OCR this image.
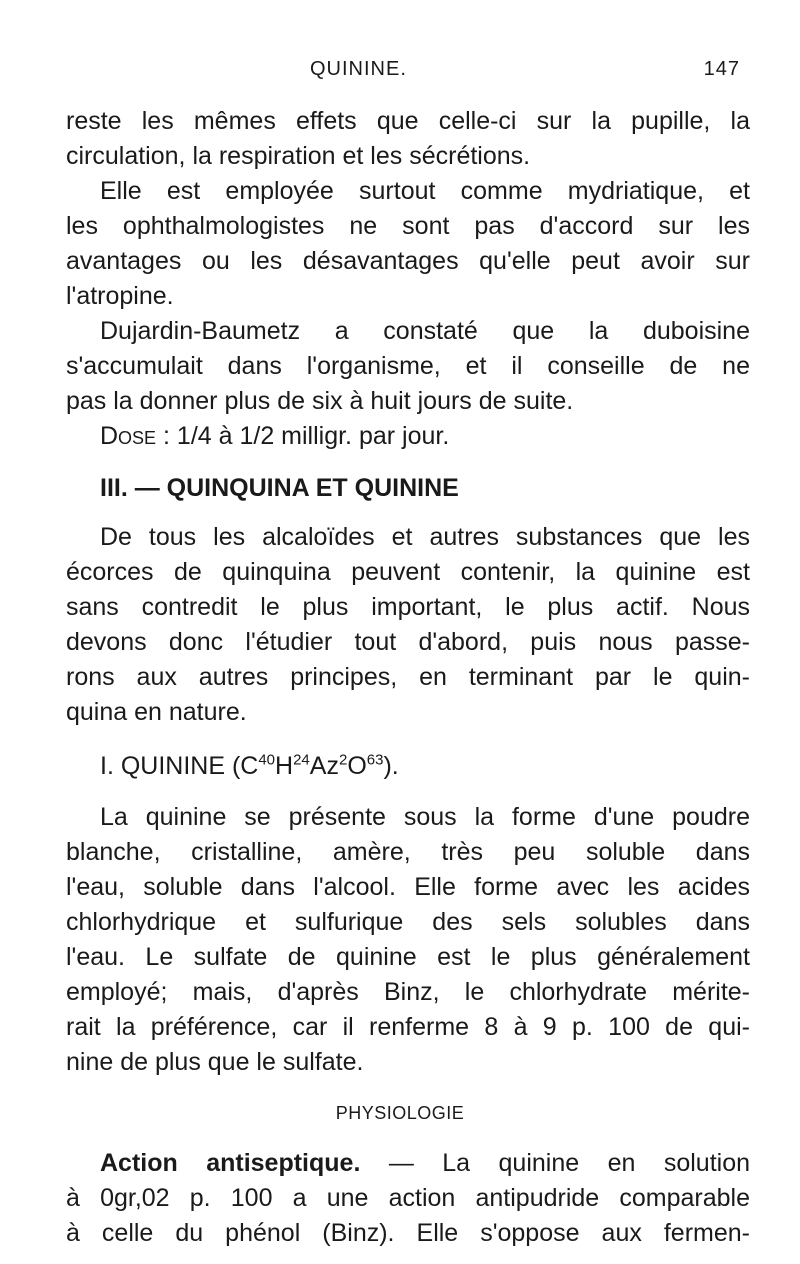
QUININE.	147
reste les mêmes effets que celle-ci sur la pupille, la
circulation, la respiration et les sécrétions.
Elle est employée surtout comme mydriatique, et
les ophthalmologistes ne sont pas d'accord sur les
avantages ou les désavantages qu'elle peut avoir sur
l'atropine.
Dujardin-Baumetz a constaté que la duboisine
s'accumulait dans l'organisme, et il conseille de ne
pas la donner plus de six à huit jours de suite.
Dose : 1/4 à 1/2 milligr. par jour.
III. — QUINQUINA ET QUININE
De tous les alcaloïdes et autres substances que les
écorces de quinquina peuvent contenir, la quinine est
sans contredit le plus important, le plus actif. Nous
devons donc l'étudier tout d'abord, puis nous passe-
rons aux autres principes, en terminant par le quin-
quina en nature.
I. QUININE $(C^{40}H^{24}Az^2O^{63})$.
La quinine se présente sous la forme d'une poudre
blanche, cristalline, amère, très peu soluble dans
l'eau, soluble dans l'alcool. Elle forme avec les acides
chlorhydrique et sulfurique des sels solubles dans
l'eau. Le sulfate de quinine est le plus généralement
employé; mais, d'après Binz, le chlorhydrate mérite-
rait la préférence, car il renferme 8 à 9 p. 100 de qui-
nine de plus que le sulfate.
PHYSIOLOGIE
Action antiseptique. — La quinine en solution
à 0gr,02 p. 100 a une action antipudride comparable
à celle du phénol (Binz). Elle s'oppose aux fermen-
